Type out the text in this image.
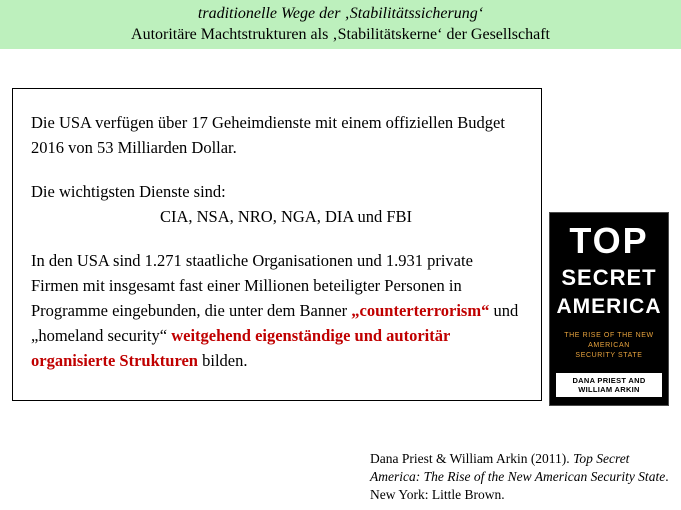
traditionelle Wege der ‚Stabilitätssicherung‘
Autoritäre Machtstrukturen als ‚Stabilitätskerne‘ der Gesellschaft

Die USA verfügen über 17 Geheimdienste mit einem offiziellen Budget 2016 von 53 Milliarden Dollar.

Die wichtigsten Dienste sind:

CIA, NSA, NRO, NGA, DIA und FBI

In den USA sind 1.271 staatliche Organisationen und 1.931 private Firmen mit insgesamt fast einer Millionen beteiligter Personen in Programme eingebunden, die unter dem Banner „counterterrorism“ und „homeland security“ weitgehend eigenständige und autoritär organisierte Strukturen bilden.

TOP
SECRET
AMERICA
THE RISE OF THE NEW AMERICAN
SECURITY STATE
DANA PRIEST AND WILLIAM ARKIN
Dana Priest & William Arkin (2011). Top Secret America: The Rise of the New American Security State. New York: Little Brown.
